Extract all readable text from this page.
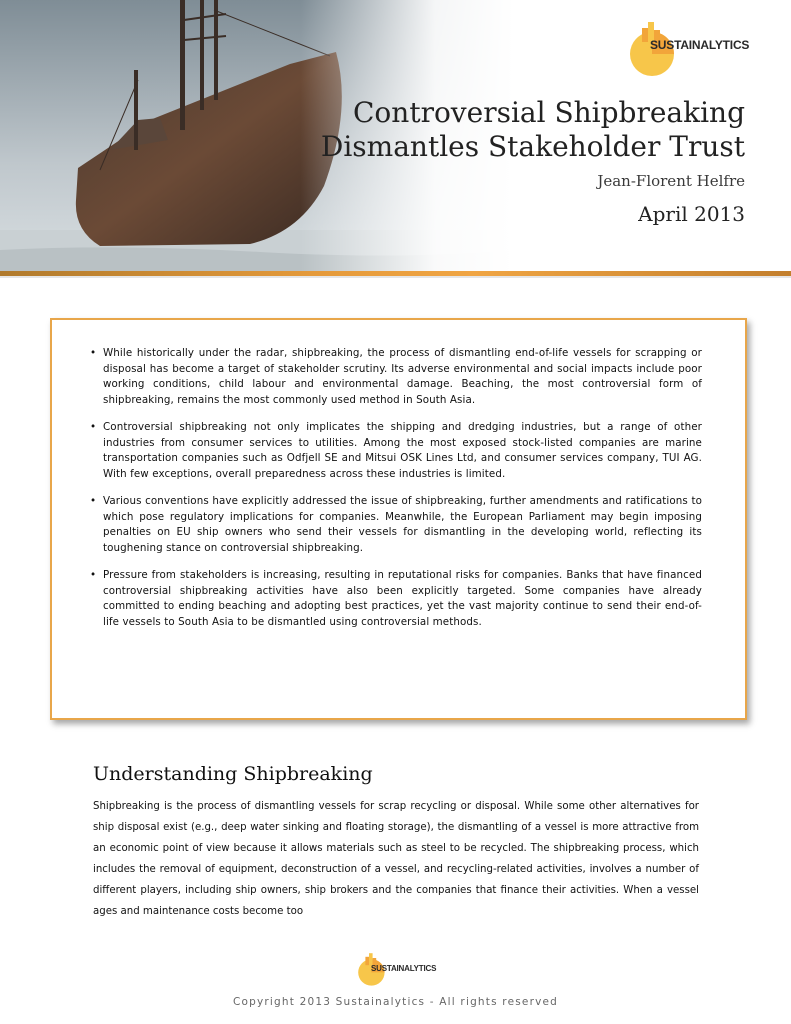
SUSTAINALYTICS
Controversial Shipbreaking
Dismantles Stakeholder Trust
Jean-Florent Helfre
April 2013
• While historically under the radar, shipbreaking, the process of dismantling end-of-life vessels for scrapping or disposal has become a target of stakeholder scrutiny. Its adverse environmental and social impacts include poor working conditions, child labour and environmental damage. Beaching, the most controversial form of shipbreaking, remains the most commonly used method in South Asia.
• Controversial shipbreaking not only implicates the shipping and dredging industries, but a range of other industries from consumer services to utilities. Among the most exposed stock-listed companies are marine transportation companies such as Odfjell SE and Mitsui OSK Lines Ltd, and consumer services company, TUI AG. With few exceptions, overall preparedness across these industries is limited.
• Various conventions have explicitly addressed the issue of shipbreaking, further amendments and ratifications to which pose regulatory implications for companies. Meanwhile, the European Parliament may begin imposing penalties on EU ship owners who send their vessels for dismantling in the developing world, reflecting its toughening stance on controversial shipbreaking.
• Pressure from stakeholders is increasing, resulting in reputational risks for companies. Banks that have financed controversial shipbreaking activities have also been explicitly targeted. Some companies have already committed to ending beaching and adopting best practices, yet the vast majority continue to send their end-of-life vessels to South Asia to be dismantled using controversial methods.
Understanding Shipbreaking
Shipbreaking is the process of dismantling vessels for scrap recycling or disposal. While some other alternatives for ship disposal exist (e.g., deep water sinking and floating storage), the dismantling of a vessel is more attractive from an economic point of view because it allows materials such as steel to be recycled. The shipbreaking process, which includes the removal of equipment, deconstruction of a vessel, and recycling-related activities, involves a number of different players, including ship owners, ship brokers and the companies that finance their activities. When a vessel ages and maintenance costs become too
SUSTAINALYTICS
Copyright 2013 Sustainalytics - All rights reserved
